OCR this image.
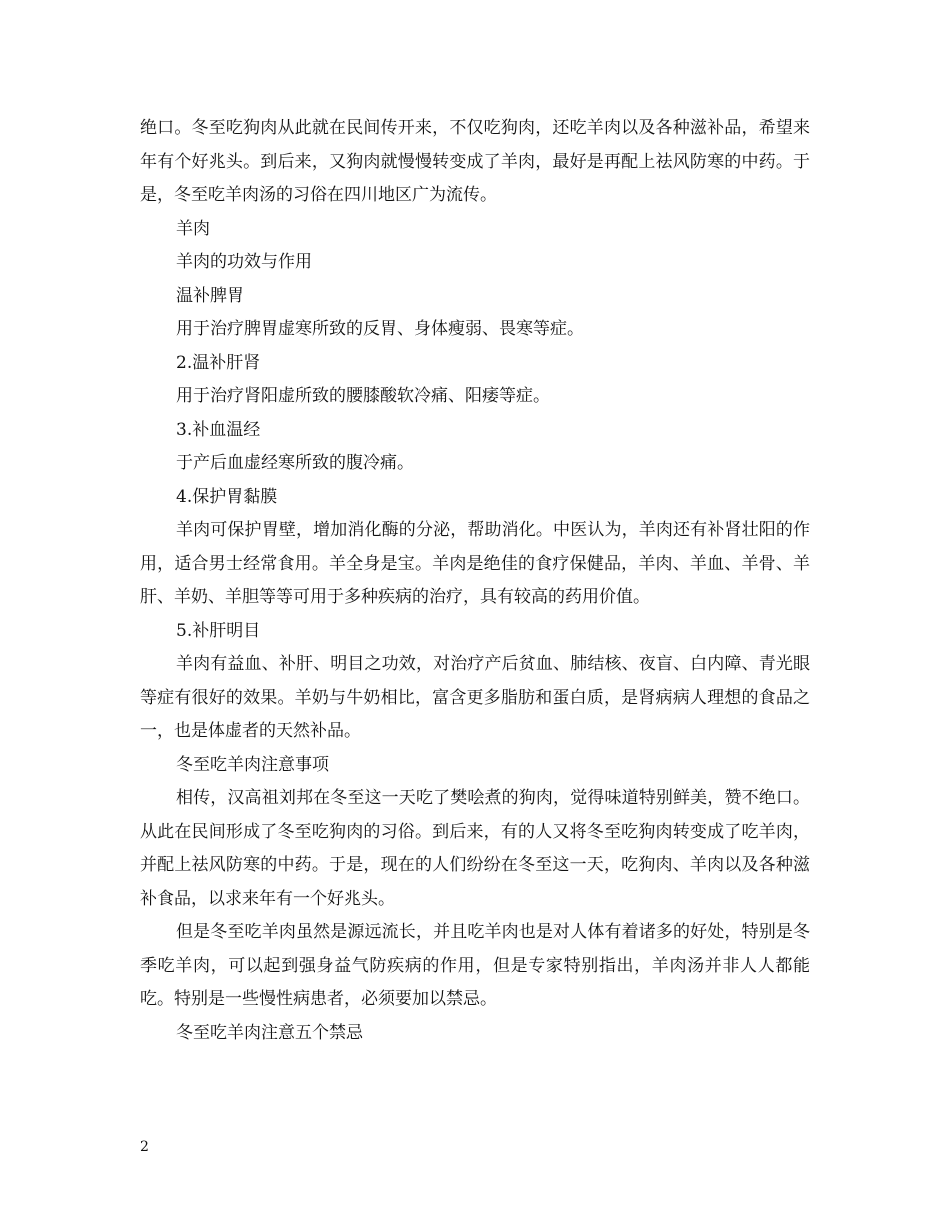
绝口。冬至吃狗肉从此就在民间传开来，不仅吃狗肉，还吃羊肉以及各种滋补品，希望来年有个好兆头。到后来，又狗肉就慢慢转变成了羊肉，最好是再配上祛风防寒的中药。于是，冬至吃羊肉汤的习俗在四川地区广为流传。

羊肉

羊肉的功效与作用

温补脾胃

用于治疗脾胃虚寒所致的反胃、身体瘦弱、畏寒等症。

2.温补肝肾

用于治疗肾阳虚所致的腰膝酸软冷痛、阳痿等症。

3.补血温经

于产后血虚经寒所致的腹冷痛。

4.保护胃黏膜

羊肉可保护胃壁，增加消化酶的分泌，帮助消化。中医认为，羊肉还有补肾壮阳的作用，适合男士经常食用。羊全身是宝。羊肉是绝佳的食疗保健品，羊肉、羊血、羊骨、羊肝、羊奶、羊胆等等可用于多种疾病的治疗，具有较高的药用价值。

5.补肝明目

羊肉有益血、补肝、明目之功效，对治疗产后贫血、肺结核、夜盲、白内障、青光眼等症有很好的效果。羊奶与牛奶相比，富含更多脂肪和蛋白质，是肾病病人理想的食品之一，也是体虚者的天然补品。

冬至吃羊肉注意事项

相传，汉高祖刘邦在冬至这一天吃了樊哙煮的狗肉，觉得味道特别鲜美，赞不绝口。从此在民间形成了冬至吃狗肉的习俗。到后来，有的人又将冬至吃狗肉转变成了吃羊肉，并配上祛风防寒的中药。于是，现在的人们纷纷在冬至这一天，吃狗肉、羊肉以及各种滋补食品，以求来年有一个好兆头。

但是冬至吃羊肉虽然是源远流长，并且吃羊肉也是对人体有着诸多的好处，特别是冬季吃羊肉，可以起到强身益气防疾病的作用，但是专家特别指出，羊肉汤并非人人都能吃。特别是一些慢性病患者，必须要加以禁忌。

冬至吃羊肉注意五个禁忌

2
